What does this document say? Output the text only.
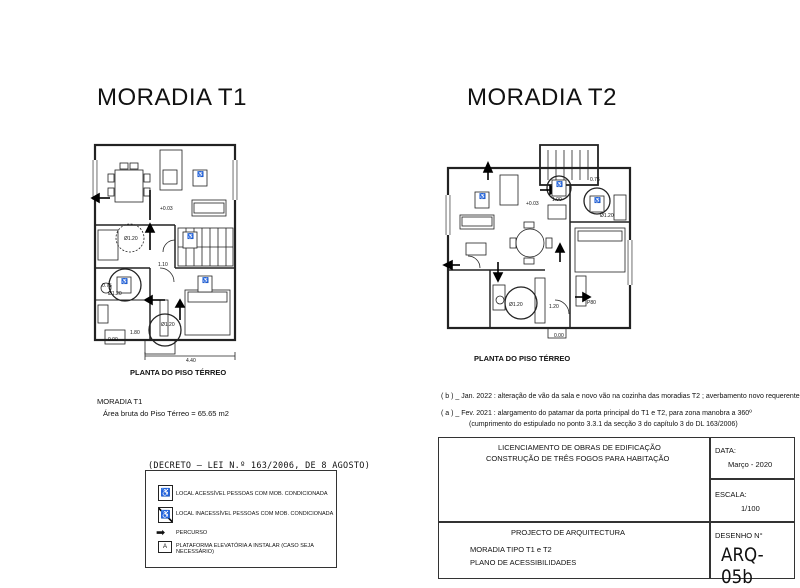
MORADIA T1	MORADIA T2
♿
♿
♿
♿
+0.03
Ø1.20
Ø1.20
Ø1.20
1.10
4.40
1.80
0.75
0.00
PLANTA DO PISO TÉRREO
MORADIA T1
Área bruta do Piso Térreo = 65.65 m2
♿
♿
♿
+0.03
Ø1.20
Ø1.20
0.75
1.00
0.00
1.20
P80
PLANTA DO PISO TÉRREO
( b ) _ Jan. 2022 : alteração de vão da sala e novo vão na cozinha das moradias T2 ; averbamento novo requerente
( a ) _ Fev. 2021 : alargamento do patamar da porta principal do T1 e T2, para zona manobra a 360º
(cumprimento do estipulado no ponto 3.3.1 da secção 3 do capítulo 3 do DL 163/2006)
(DECRETO – LEI N.º 163/2006, DE 8 AGOSTO)
♿	LOCAL ACESSÍVEL PESSOAS COM MOB. CONDICIONADA
♿	LOCAL INACESSÍVEL PESSOAS COM MOB. CONDICIONADA
➡ PERCURSO
A	PLATAFORMA ELEVATÓRIA A INSTALAR (CASO SEJA NECESSÁRIO)
LICENCIAMENTO DE OBRAS DE EDIFICAÇÃO
CONSTRUÇÃO DE TRÊS FOGOS PARA HABITAÇÃO
PROJECTO DE ARQUITECTURA
MORADIA TIPO T1 e T2
PLANO DE ACESSIBILIDADES
DATA:
Março - 2020
ESCALA:
1/100
DESENHO N°
ARQ-05b
